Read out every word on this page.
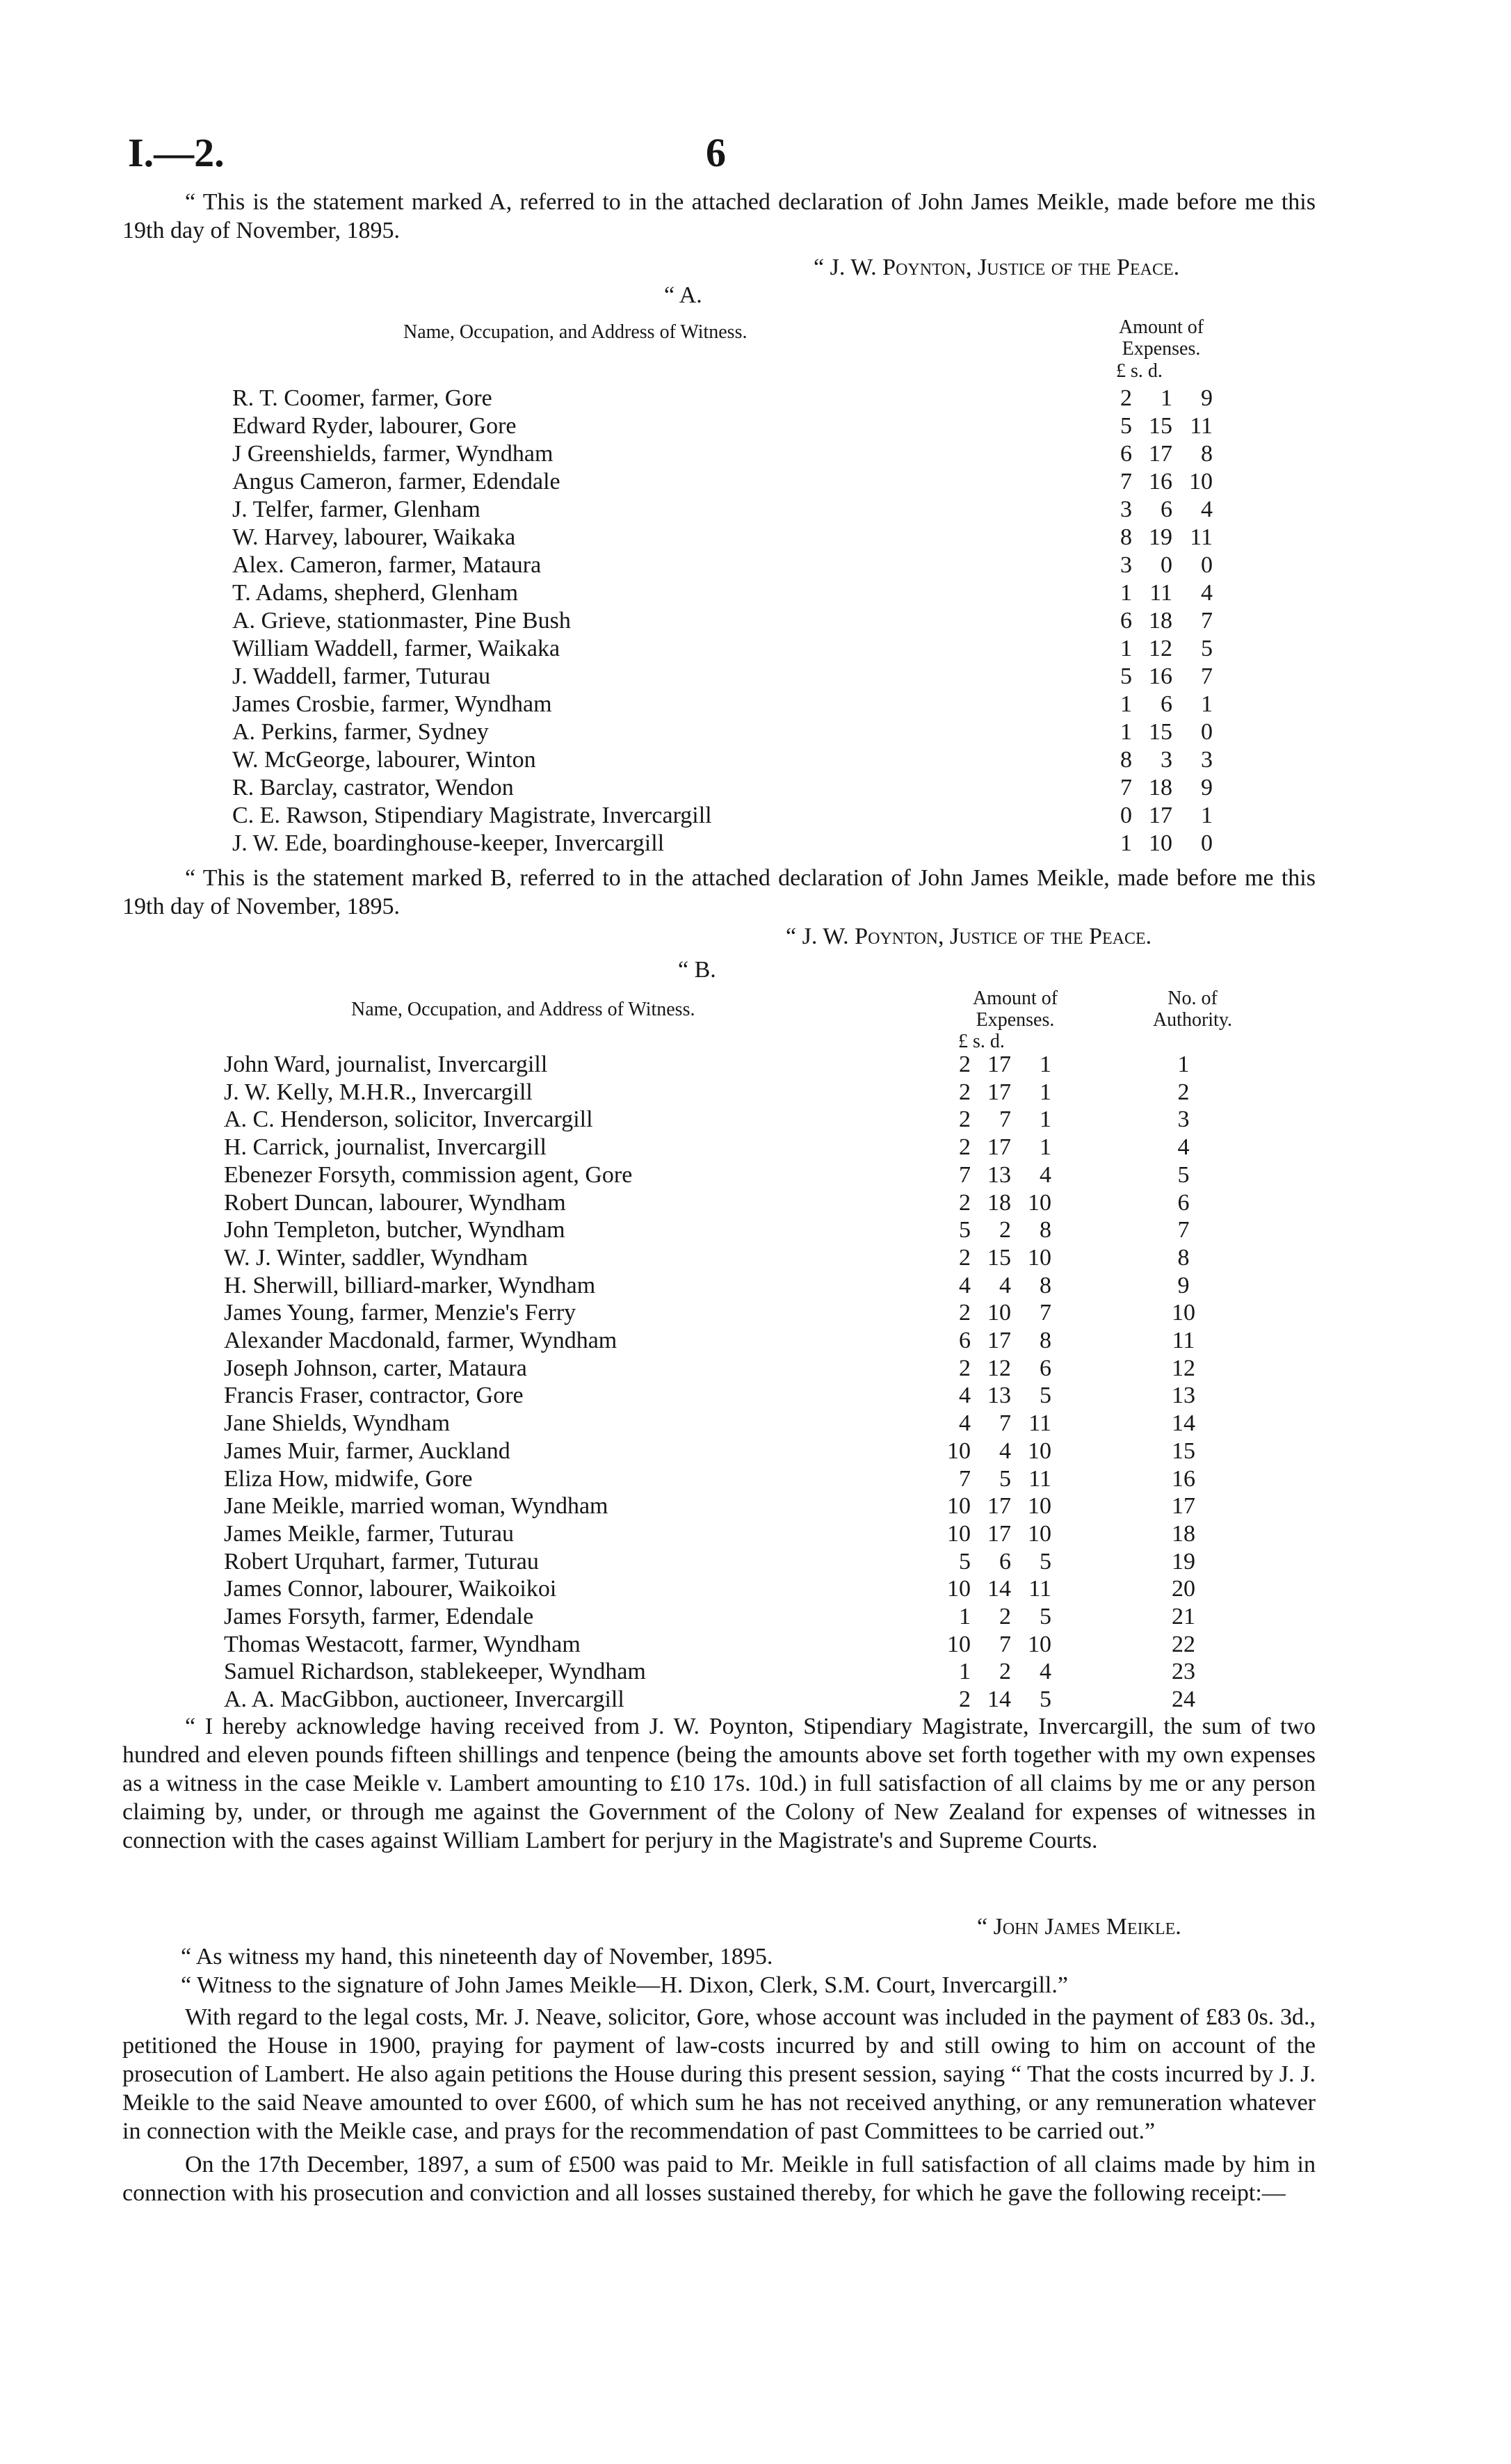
I.—2.	6

“ This is the statement marked A, referred to in the attached declaration of John James Meikle, made before me this 19th day of November, 1895.

“ J. W. Poynton, Justice of the Peace.
“ A.
Name, Occupation, and Address of Witness.	Amount of Expenses.
£ s. d.
R. T. Coomer, farmer, Gore	2 1 9
Edward Ryder, labourer, Gore	5 15 11
J Greenshields, farmer, Wyndham	6 17 8
Angus Cameron, farmer, Edendale	7 16 10
J. Telfer, farmer, Glenham	3 6 4
W. Harvey, labourer, Waikaka	8 19 11
Alex. Cameron, farmer, Mataura	3 0 0
T. Adams, shepherd, Glenham	1 11 4
A. Grieve, stationmaster, Pine Bush	6 18 7
William Waddell, farmer, Waikaka	1 12 5
J. Waddell, farmer, Tuturau	5 16 7
James Crosbie, farmer, Wyndham	1 6 1
A. Perkins, farmer, Sydney	1 15 0
W. McGeorge, labourer, Winton	8 3 3
R. Barclay, castrator, Wendon	7 18 9
C. E. Rawson, Stipendiary Magistrate, Invercargill	0 17 1
J. W. Ede, boardinghouse-keeper, Invercargill	1 10 0

“ This is the statement marked B, referred to in the attached declaration of John James Meikle, made before me this 19th day of November, 1895.

“ J. W. Poynton, Justice of the Peace.
“ B.
Name, Occupation, and Address of Witness.
Amount of Expenses.
No. of Authority.
£ s. d.
John Ward, journalist, Invercargill	2 17 1	1
J. W. Kelly, M.H.R., Invercargill	2 17 1	2
A. C. Henderson, solicitor, Invercargill	2 7 1	3
H. Carrick, journalist, Invercargill	2 17 1	4
Ebenezer Forsyth, commission agent, Gore	7 13 4	5
Robert Duncan, labourer, Wyndham	2 18 10	6
John Templeton, butcher, Wyndham	5 2 8	7
W. J. Winter, saddler, Wyndham	2 15 10	8
H. Sherwill, billiard-marker, Wyndham	4 4 8	9
James Young, farmer, Menzie's Ferry	2 10 7	10
Alexander Macdonald, farmer, Wyndham	6 17 8	11
Joseph Johnson, carter, Mataura	2 12 6	12
Francis Fraser, contractor, Gore	4 13 5	13
Jane Shields, Wyndham	4 7 11	14
James Muir, farmer, Auckland	10 4 10	15
Eliza How, midwife, Gore	7 5 11	16
Jane Meikle, married woman, Wyndham	10 17 10	17
James Meikle, farmer, Tuturau	10 17 10	18
Robert Urquhart, farmer, Tuturau	5 6 5	19
James Connor, labourer, Waikoikoi	10 14 11	20
James Forsyth, farmer, Edendale	1 2 5	21
Thomas Westacott, farmer, Wyndham	10 7 10	22
Samuel Richardson, stablekeeper, Wyndham	1 2 4	23
A. A. MacGibbon, auctioneer, Invercargill	2 14 5	24

“ I hereby acknowledge having received from J. W. Poynton, Stipendiary Magistrate, Invercargill, the sum of two hundred and eleven pounds fifteen shillings and tenpence (being the amounts above set forth together with my own expenses as a witness in the case Meikle v. Lambert amounting to £10 17s. 10d.) in full satisfaction of all claims by me or any person claiming by, under, or through me against the Government of the Colony of New Zealand for expenses of witnesses in connection with the cases against William Lambert for perjury in the Magistrate's and Supreme Courts.

“ John James Meikle.
“ As witness my hand, this nineteenth day of November, 1895.
“ Witness to the signature of John James Meikle—H. Dixon, Clerk, S.M. Court, Invercargill.”

With regard to the legal costs, Mr. J. Neave, solicitor, Gore, whose account was included in the payment of £83 0s. 3d., petitioned the House in 1900, praying for payment of law-costs incurred by and still owing to him on account of the prosecution of Lambert. He also again petitions the House during this present session, saying “ That the costs incurred by J. J. Meikle to the said Neave amounted to over £600, of which sum he has not received anything, or any remuneration whatever in connection with the Meikle case, and prays for the recommendation of past Committees to be carried out.”

On the 17th December, 1897, a sum of £500 was paid to Mr. Meikle in full satisfaction of all claims made by him in connection with his prosecution and conviction and all losses sustained thereby, for which he gave the following receipt:—
